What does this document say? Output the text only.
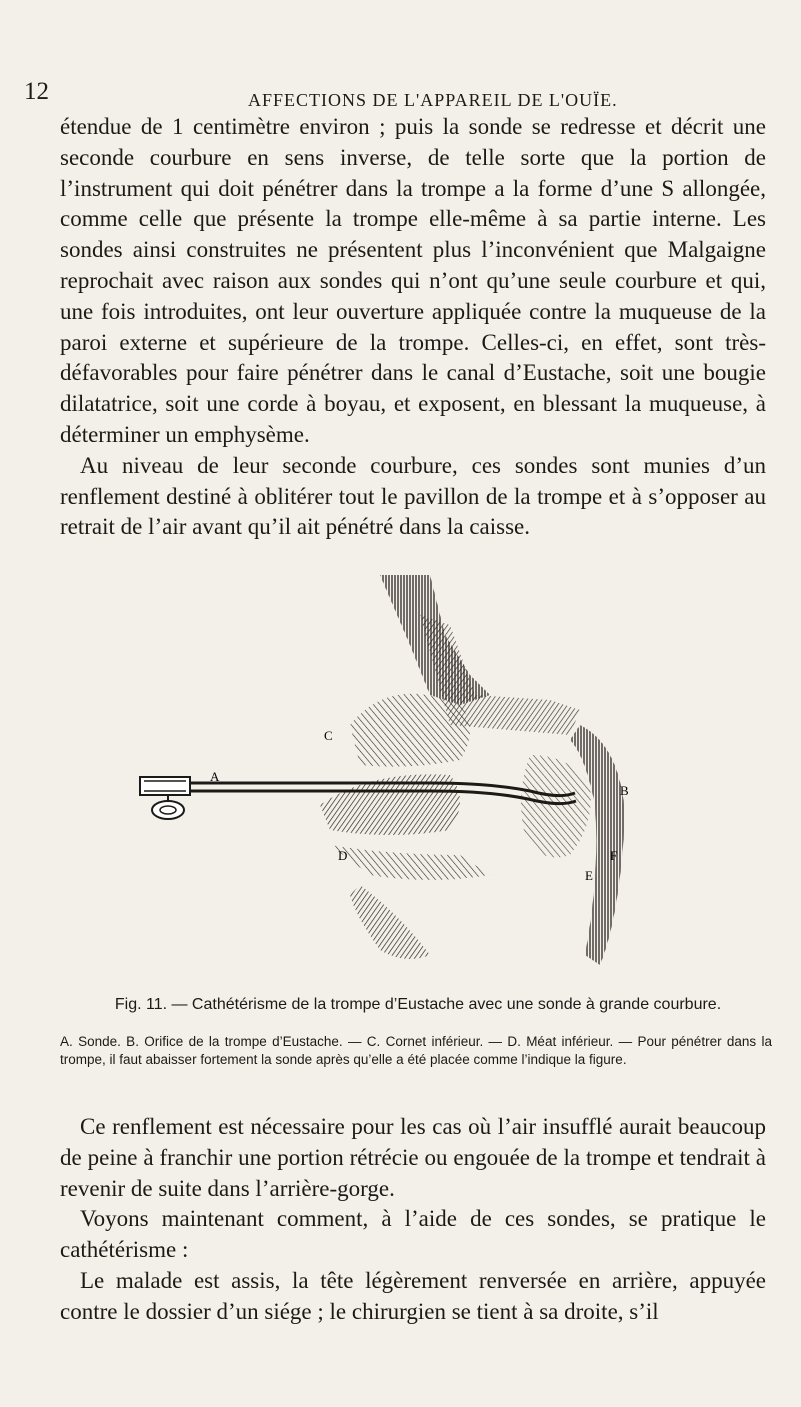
12	AFFECTIONS DE L'APPAREIL DE L'OUÏE.

étendue de 1 centimètre environ ; puis la sonde se redresse et décrit une seconde courbure en sens inverse, de telle sorte que la portion de l’instrument qui doit pénétrer dans la trompe a la forme d’une S allongée, comme celle que présente la trompe elle-même à sa partie interne. Les sondes ainsi construites ne présentent plus l’inconvénient que Malgaigne reprochait avec raison aux sondes qui n’ont qu’une seule courbure et qui, une fois introduites, ont leur ouverture appliquée contre la muqueuse de la paroi externe et supérieure de la trompe. Celles-ci, en effet, sont très-défavorables pour faire pénétrer dans le canal d’Eustache, soit une bougie dilatatrice, soit une corde à boyau, et exposent, en blessant la muqueuse, à déterminer un emphysème.

Au niveau de leur seconde courbure, ces sondes sont munies d’un renflement destiné à oblitérer tout le pavillon de la trompe et à s’opposer au retrait de l’air avant qu’il ait pénétré dans la caisse.

A
B
C
D
E
F
Fig. 11. — Cathétérisme de la trompe d’Eustache avec une sonde à grande courbure.
A. Sonde. B. Orifice de la trompe d’Eustache. — C. Cornet inférieur. — D. Méat inférieur. — Pour pénétrer dans la trompe, il faut abaisser fortement la sonde après qu’elle a été placée comme l’indique la figure.

Ce renflement est nécessaire pour les cas où l’air insufflé aurait beaucoup de peine à franchir une portion rétrécie ou engouée de la trompe et tendrait à revenir de suite dans l’arrière-gorge.

Voyons maintenant comment, à l’aide de ces sondes, se pratique le cathétérisme :

Le malade est assis, la tête légèrement renversée en arrière, appuyée contre le dossier d’un siége ; le chirurgien se tient à sa droite, s’il
